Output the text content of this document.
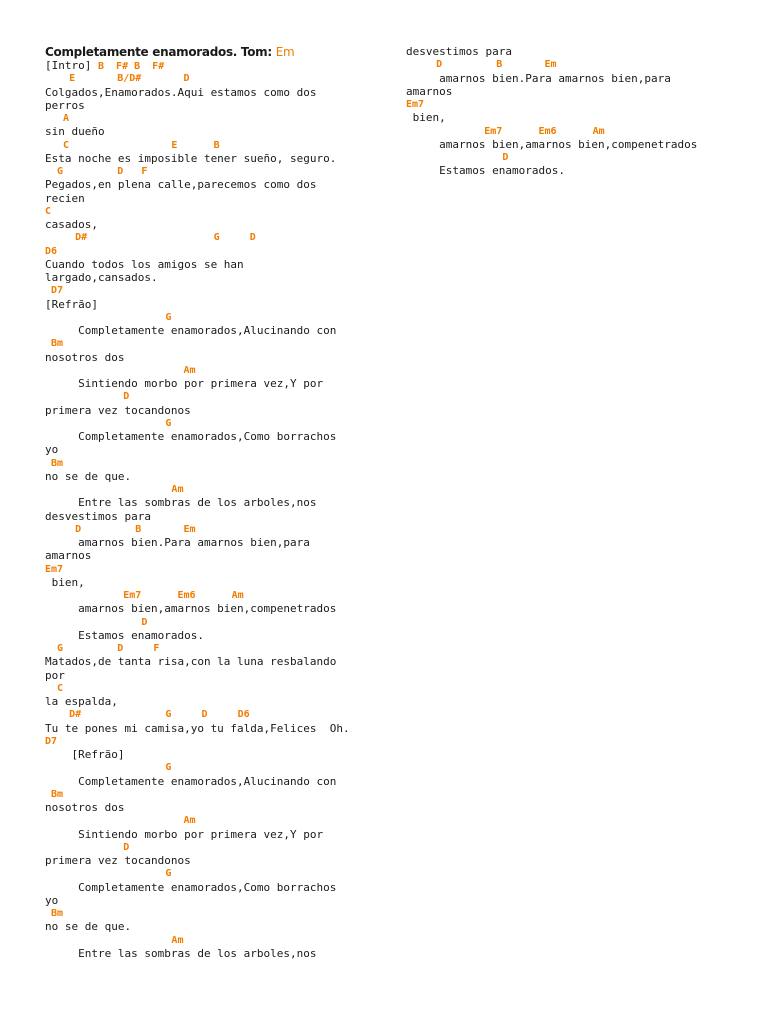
Completamente enamorados. Tom: Em
[Intro] B  F# B  F#
E       B/D#       D
Colgados,Enamorados.Aqui estamos como dos
perros
A
sin dueño
C                 E      B
Esta noche es imposible tener sueño, seguro.
G         D   F
Pegados,en plena calle,parecemos como dos
recien
C
casados,
D#                     G     D
D6
Cuando todos los amigos se han
largado,cansados.
D7
[Refrão]
G
Completamente enamorados,Alucinando con
Bm
nosotros dos
Am
Sintiendo morbo por primera vez,Y por
D
primera vez tocandonos
G
Completamente enamorados,Como borrachos
yo
Bm
no se de que.
Am
Entre las sombras de los arboles,nos
desvestimos para
D         B       Em
amarnos bien.Para amarnos bien,para
amarnos
Em7
bien,
Em7      Em6      Am
amarnos bien,amarnos bien,compenetrados
D
Estamos enamorados.
G         D     F
Matados,de tanta risa,con la luna resbalando
por
C
la espalda,
D#              G     D     D6
Tu te pones mi camisa,yo tu falda,Felices  Oh.
D7
[Refrão]
G
Completamente enamorados,Alucinando con
Bm
nosotros dos
Am
Sintiendo morbo por primera vez,Y por
D
primera vez tocandonos
G
Completamente enamorados,Como borrachos
yo
Bm
no se de que.
Am
Entre las sombras de los arboles,nos
desvestimos para
D         B       Em
amarnos bien.Para amarnos bien,para
amarnos
Em7
bien,
Em7      Em6      Am
amarnos bien,amarnos bien,compenetrados
D
Estamos enamorados.
